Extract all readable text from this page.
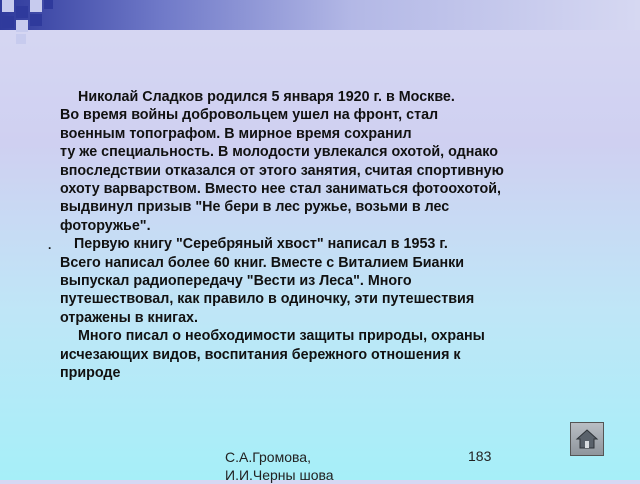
.

Николай Сладков родился 5 января 1920 г. в Москве.

Во время войны добровольцем ушел на фронт, стал

военным топографом. В мирное время сохранил

ту же специальность. В молодости увлекался охотой, однако

впоследствии отказался от этого занятия, считая спортивную

охоту варварством. Вместо нее стал заниматься фотоохотой,

выдвинул призыв "Не бери в лес ружье, возьми в лес

фоторужье".

Первую книгу "Серебряный хвост" написал в 1953 г.

Всего написал более 60 книг. Вместе с Виталием Бианки

выпускал радиопередачу "Вести из Леса". Много

путешествовал, как правило в одиночку, эти путешествия

отражены в книгах.

Много писал о необходимости защиты природы, охраны

исчезающих видов, воспитания бережного отношения к

природе

С.А.Громова, И.И.Черны шова
183
